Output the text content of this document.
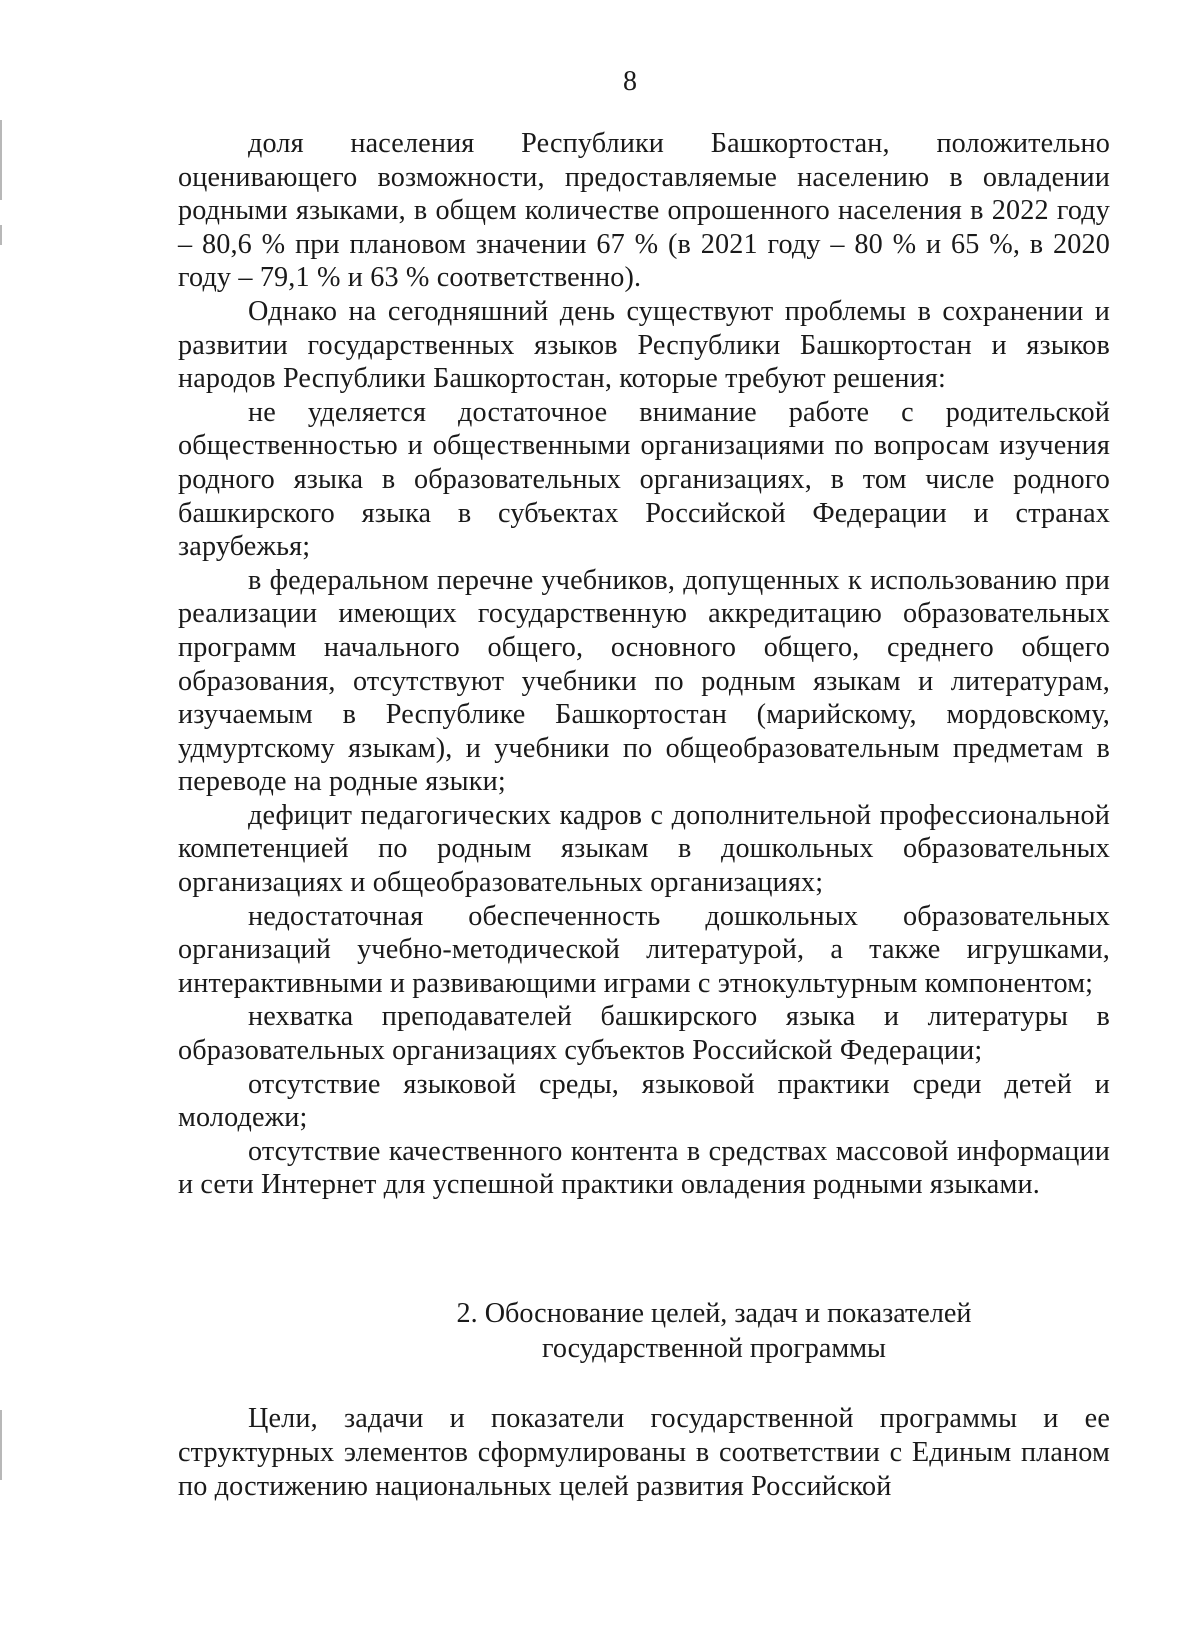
8

доля населения Республики Башкортостан, положительно оценивающего возможности, предоставляемые населению в овладении родными языками, в общем количестве опрошенного населения в 2022 году – 80,6 % при плановом значении 67 % (в 2021 году – 80 % и 65 %, в 2020 году – 79,1 % и 63 % соответственно).

Однако на сегодняшний день существуют проблемы в сохранении и развитии государственных языков Республики Башкортостан и языков народов Республики Башкортостан, которые требуют решения:

не уделяется достаточное внимание работе с родительской общественностью и общественными организациями по вопросам изучения родного языка в образовательных организациях, в том числе родного башкирского языка в субъектах Российской Федерации и странах зарубежья;

в федеральном перечне учебников, допущенных к использованию при реализации имеющих государственную аккредитацию образовательных программ начального общего, основного общего, среднего общего образования, отсутствуют учебники по родным языкам и литературам, изучаемым в Республике Башкортостан (марийскому, мордовскому, удмуртскому языкам), и учебники по общеобразовательным предметам в переводе на родные языки;

дефицит педагогических кадров с дополнительной профессиональной компетенцией по родным языкам в дошкольных образовательных организациях и общеобразовательных организациях;

недостаточная обеспеченность дошкольных образовательных организаций учебно-методической литературой, а также игрушками, интерактивными и развивающими играми с этнокультурным компонентом;

нехватка преподавателей башкирского языка и литературы в образовательных организациях субъектов Российской Федерации;

отсутствие языковой среды, языковой практики среди детей и молодежи;

отсутствие качественного контента в средствах массовой информации и сети Интернет для успешной практики овладения родными языками.

2. Обоснование целей, задач и показателей
государственной программы

Цели, задачи и показатели государственной программы и ее структурных элементов сформулированы в соответствии с Единым планом по достижению национальных целей развития Российской
